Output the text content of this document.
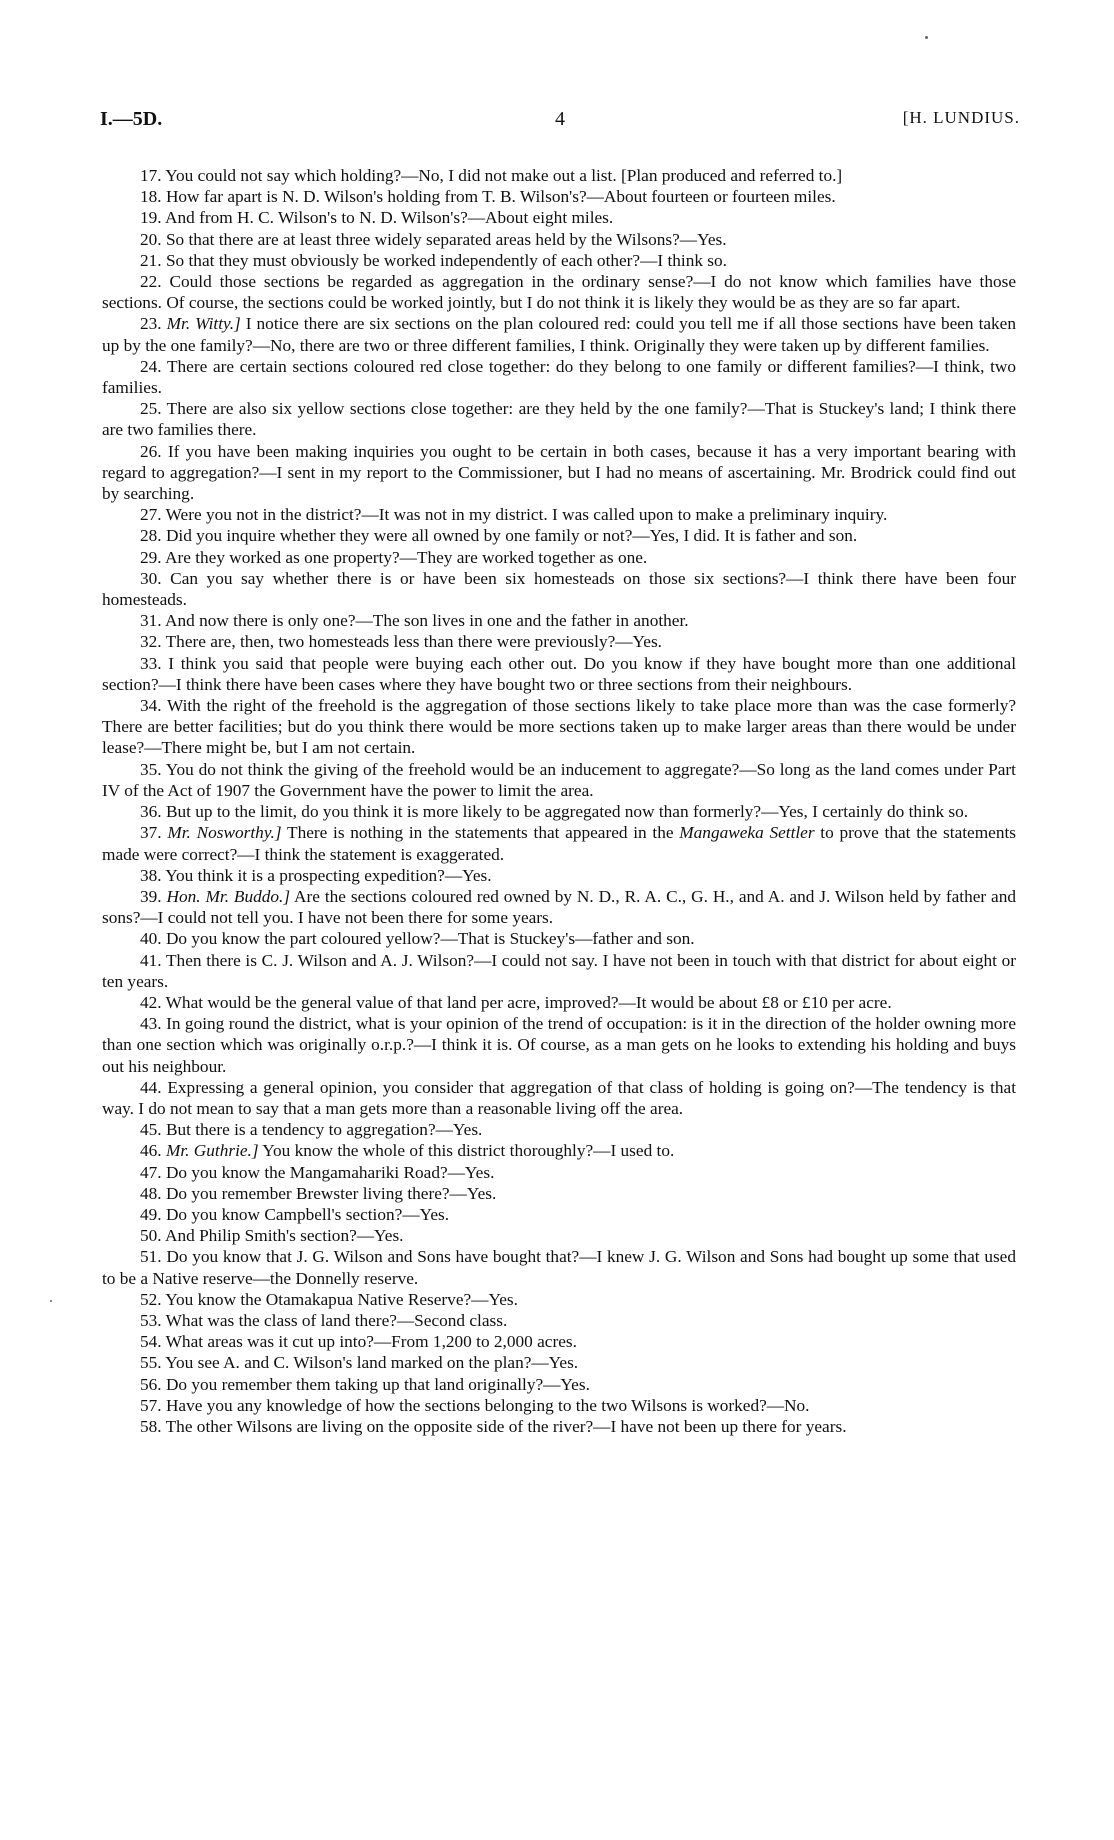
I.—5D.	4	[H. LUNDIUS.

17. You could not say which holding?—No, I did not make out a list. [Plan produced and referred to.]

18. How far apart is N. D. Wilson's holding from T. B. Wilson's?—About fourteen or fourteen miles.

19. And from H. C. Wilson's to N. D. Wilson's?—About eight miles.

20. So that there are at least three widely separated areas held by the Wilsons?—Yes.

21. So that they must obviously be worked independently of each other?—I think so.

22. Could those sections be regarded as aggregation in the ordinary sense?—I do not know which families have those sections. Of course, the sections could be worked jointly, but I do not think it is likely they would be as they are so far apart.

23. Mr. Witty.] I notice there are six sections on the plan coloured red: could you tell me if all those sections have been taken up by the one family?—No, there are two or three different families, I think. Originally they were taken up by different families.

24. There are certain sections coloured red close together: do they belong to one family or different families?—I think, two families.

25. There are also six yellow sections close together: are they held by the one family?—That is Stuckey's land; I think there are two families there.

26. If you have been making inquiries you ought to be certain in both cases, because it has a very important bearing with regard to aggregation?—I sent in my report to the Commissioner, but I had no means of ascertaining. Mr. Brodrick could find out by searching.

27. Were you not in the district?—It was not in my district. I was called upon to make a preliminary inquiry.

28. Did you inquire whether they were all owned by one family or not?—Yes, I did. It is father and son.

29. Are they worked as one property?—They are worked together as one.

30. Can you say whether there is or have been six homesteads on those six sections?—I think there have been four homesteads.

31. And now there is only one?—The son lives in one and the father in another.

32. There are, then, two homesteads less than there were previously?—Yes.

33. I think you said that people were buying each other out. Do you know if they have bought more than one additional section?—I think there have been cases where they have bought two or three sections from their neighbours.

34. With the right of the freehold is the aggregation of those sections likely to take place more than was the case formerly? There are better facilities; but do you think there would be more sections taken up to make larger areas than there would be under lease?—There might be, but I am not certain.

35. You do not think the giving of the freehold would be an inducement to aggregate?—So long as the land comes under Part IV of the Act of 1907 the Government have the power to limit the area.

36. But up to the limit, do you think it is more likely to be aggregated now than formerly?—Yes, I certainly do think so.

37. Mr. Nosworthy.] There is nothing in the statements that appeared in the Mangaweka Settler to prove that the statements made were correct?—I think the statement is exaggerated.

38. You think it is a prospecting expedition?—Yes.

39. Hon. Mr. Buddo.] Are the sections coloured red owned by N. D., R. A. C., G. H., and A. and J. Wilson held by father and sons?—I could not tell you. I have not been there for some years.

40. Do you know the part coloured yellow?—That is Stuckey's—father and son.

41. Then there is C. J. Wilson and A. J. Wilson?—I could not say. I have not been in touch with that district for about eight or ten years.

42. What would be the general value of that land per acre, improved?—It would be about £8 or £10 per acre.

43. In going round the district, what is your opinion of the trend of occupation: is it in the direction of the holder owning more than one section which was originally o.r.p.?—I think it is. Of course, as a man gets on he looks to extending his holding and buys out his neighbour.

44. Expressing a general opinion, you consider that aggregation of that class of holding is going on?—The tendency is that way. I do not mean to say that a man gets more than a reasonable living off the area.

45. But there is a tendency to aggregation?—Yes.

46. Mr. Guthrie.] You know the whole of this district thoroughly?—I used to.

47. Do you know the Mangamahariki Road?—Yes.

48. Do you remember Brewster living there?—Yes.

49. Do you know Campbell's section?—Yes.

50. And Philip Smith's section?—Yes.

51. Do you know that J. G. Wilson and Sons have bought that?—I knew J. G. Wilson and Sons had bought up some that used to be a Native reserve—the Donnelly reserve.

52. You know the Otamakapua Native Reserve?—Yes.

53. What was the class of land there?—Second class.

54. What areas was it cut up into?—From 1,200 to 2,000 acres.

55. You see A. and C. Wilson's land marked on the plan?—Yes.

56. Do you remember them taking up that land originally?—Yes.

57. Have you any knowledge of how the sections belonging to the two Wilsons is worked?—No.

58. The other Wilsons are living on the opposite side of the river?—I have not been up there for years.
